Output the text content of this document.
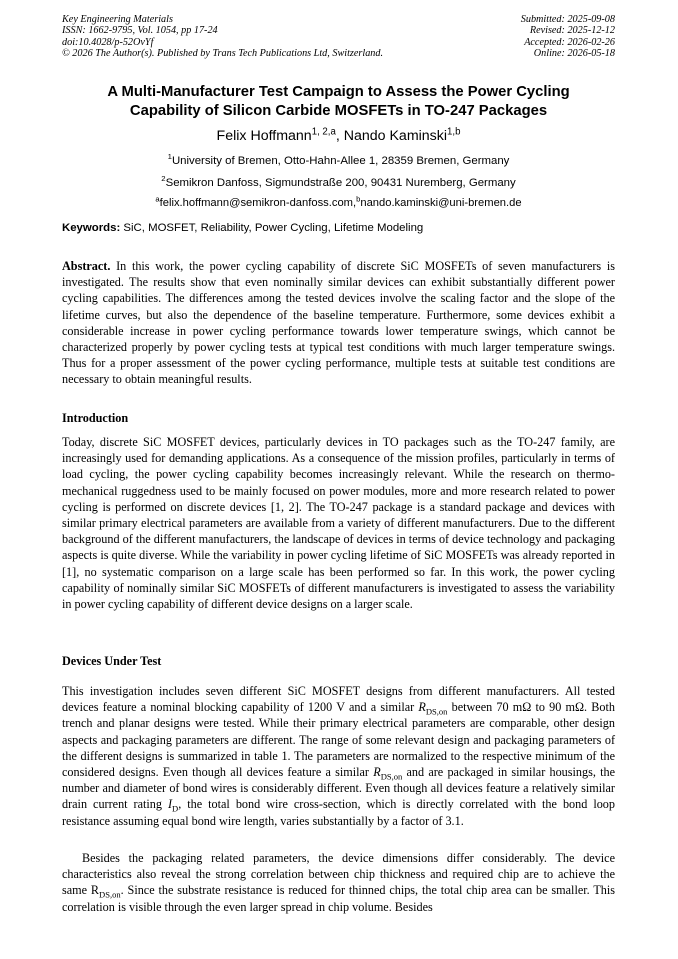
Key Engineering Materials
ISSN: 1662-9795, Vol. 1054, pp 17-24
doi:10.4028/p-52OvYf
© 2026 The Author(s). Published by Trans Tech Publications Ltd, Switzerland.
Submitted: 2025-09-08
Revised: 2025-12-12
Accepted: 2026-02-26
Online: 2026-05-18
A Multi-Manufacturer Test Campaign to Assess the Power Cycling
Capability of Silicon Carbide MOSFETs in TO-247 Packages
Felix Hoffmann$^{1, 2,a}$, Nando Kaminski$^{1,b}$
$^1$University of Bremen, Otto-Hahn-Allee 1, 28359 Bremen, Germany
$^2$Semikron Danfoss, Sigmundstraße 200, 90431 Nuremberg, Germany
$^a$felix.hoffmann@semikron-danfoss.com,$^b$nando.kaminski@uni-bremen.de
Keywords: SiC, MOSFET, Reliability, Power Cycling, Lifetime Modeling
Abstract. In this work, the power cycling capability of discrete SiC MOSFETs of seven manufacturers is investigated. The results show that even nominally similar devices can exhibit substantially different power cycling capabilities. The differences among the tested devices involve the scaling factor and the slope of the lifetime curves, but also the dependence of the baseline temperature. Furthermore, some devices exhibit a considerable increase in power cycling performance towards lower temperature swings, which cannot be characterized properly by power cycling tests at typical test conditions with much larger temperature swings. Thus for a proper assessment of the power cycling performance, multiple tests at suitable test conditions are necessary to obtain meaningful results.
Introduction
Today, discrete SiC MOSFET devices, particularly devices in TO packages such as the TO-247 family, are increasingly used for demanding applications. As a consequence of the mission profiles, particularly in terms of load cycling, the power cycling capability becomes increasingly relevant. While the research on thermo-mechanical ruggedness used to be mainly focused on power modules, more and more research related to power cycling is performed on discrete devices [1, 2]. The TO-247 package is a standard package and devices with similar primary electrical parameters are available from a variety of different manufacturers. Due to the different background of the different manufacturers, the landscape of devices in terms of device technology and packaging aspects is quite diverse. While the variability in power cycling lifetime of SiC MOSFETs was already reported in [1], no systematic comparison on a large scale has been performed so far. In this work, the power cycling capability of nominally similar SiC MOSFETs of different manufacturers is investigated to assess the variability in power cycling capability of different device designs on a larger scale.
Devices Under Test
This investigation includes seven different SiC MOSFET designs from different manufacturers. All tested devices feature a nominal blocking capability of 1200 V and a similar $R_{DS,on}$ between 70 mΩ to 90 mΩ. Both trench and planar designs were tested. While their primary electrical parameters are comparable, other design aspects and packaging parameters are different. The range of some relevant design and packaging parameters of the different designs is summarized in table 1. The parameters are normalized to the respective minimum of the considered designs. Even though all devices feature a similar $R_{DS,on}$ and are packaged in similar housings, the number and diameter of bond wires is considerably different. Even though all devices feature a relatively similar drain current rating $I_D$, the total bond wire cross-section, which is directly correlated with the bond loop resistance assuming equal bond wire length, varies substantially by a factor of 3.1.
Besides the packaging related parameters, the device dimensions differ considerably. The device characteristics also reveal the strong correlation between chip thickness and required chip are to achieve the same $R_{DS,on}$. Since the substrate resistance is reduced for thinned chips, the total chip area can be smaller. This correlation is visible through the even larger spread in chip volume. Besides
